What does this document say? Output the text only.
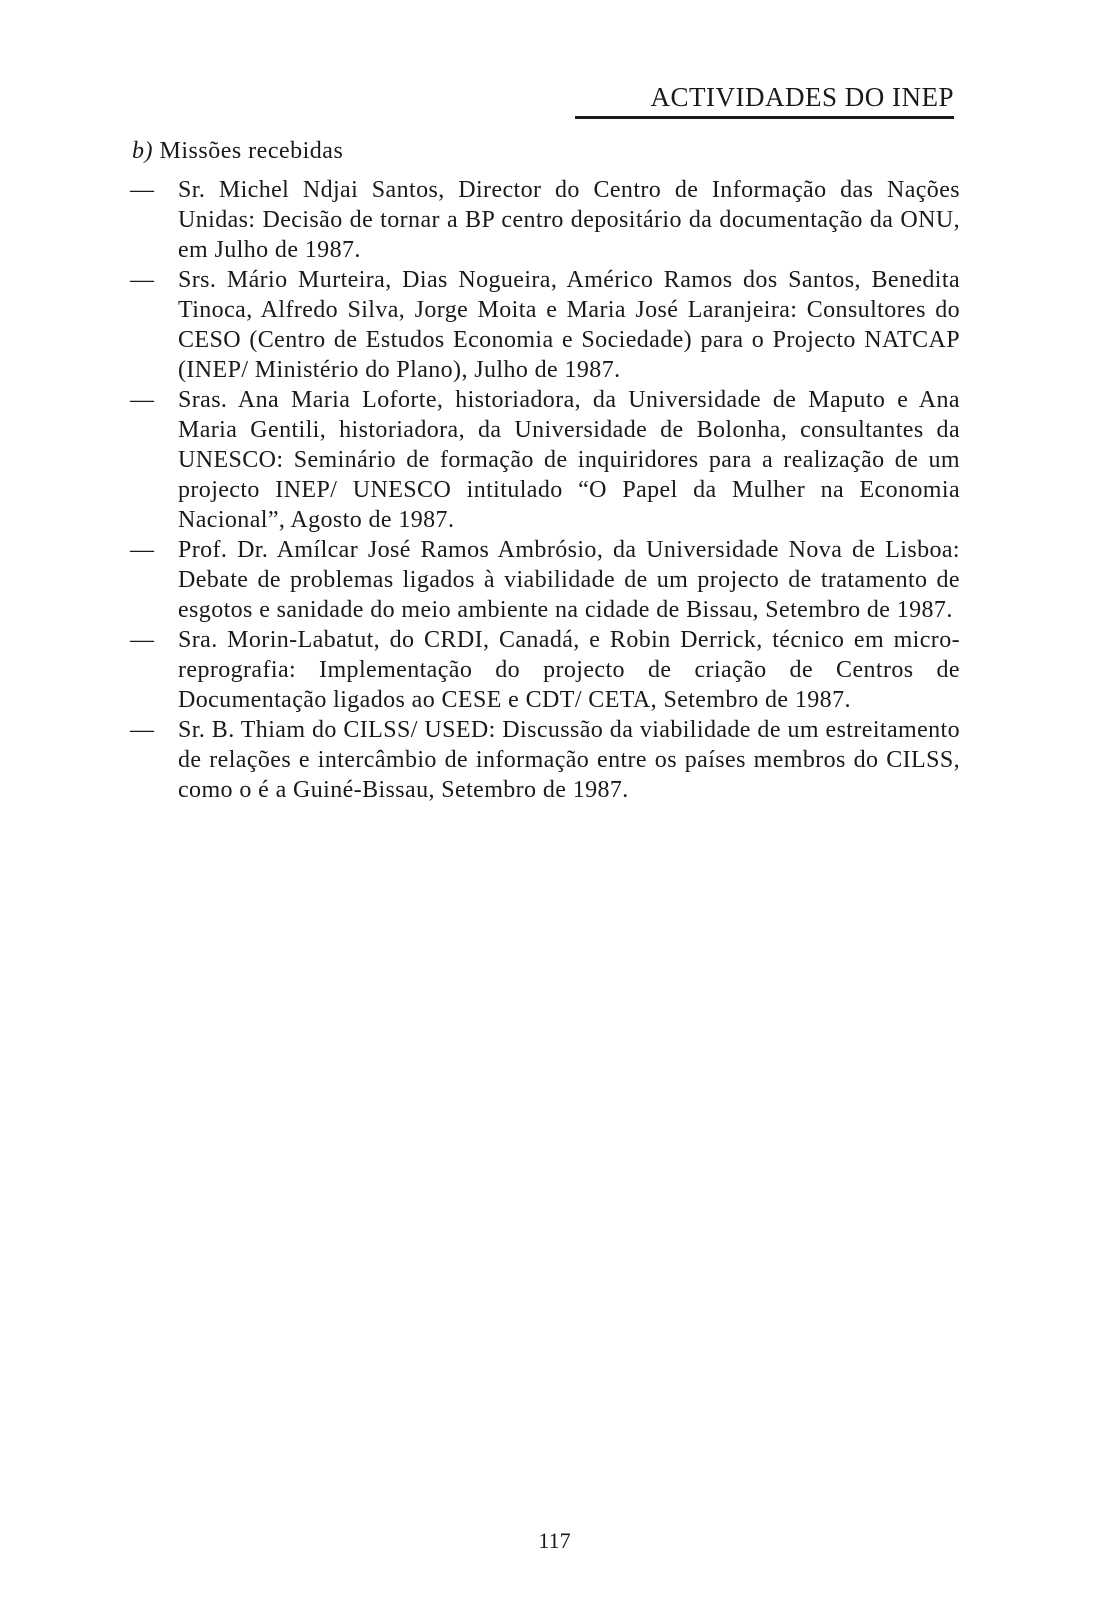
ACTIVIDADES DO INEP
b) Missões recebidas
— Sr. Michel Ndjai Santos, Director do Centro de Informação das Nações Unidas: Decisão de tornar a BP centro depositário da documentação da ONU, em Julho de 1987.
— Srs. Mário Murteira, Dias Nogueira, Américo Ramos dos Santos, Benedita Tinoca, Alfredo Silva, Jorge Moita e Maria José Laranjeira: Consultores do CESO (Centro de Estudos Economia e Sociedade) para o Projecto NATCAP (INEP/ Ministério do Plano), Julho de 1987.
— Sras. Ana Maria Loforte, historiadora, da Universidade de Maputo e Ana Maria Gentili, historiadora, da Universidade de Bolonha, consultantes da UNESCO: Seminário de formação de inquiridores para a realização de um projecto INEP/ UNESCO intitulado “O Papel da Mulher na Economia Nacional”, Agosto de 1987.
— Prof. Dr. Amílcar José Ramos Ambrósio, da Universidade Nova de Lisboa: Debate de problemas ligados à viabilidade de um projecto de tratamento de esgotos e sanidade do meio ambiente na cidade de Bissau, Setembro de 1987.
— Sra. Morin-Labatut, do CRDI, Canadá, e Robin Derrick, técnico em micro-reprografia: Implementação do projecto de criação de Centros de Documentação ligados ao CESE e CDT/ CETA, Setembro de 1987.
— Sr. B. Thiam do CILSS/ USED: Discussão da viabilidade de um estreitamento de relações e intercâmbio de informação entre os países membros do CILSS, como o é a Guiné-Bissau, Setembro de 1987.
117
